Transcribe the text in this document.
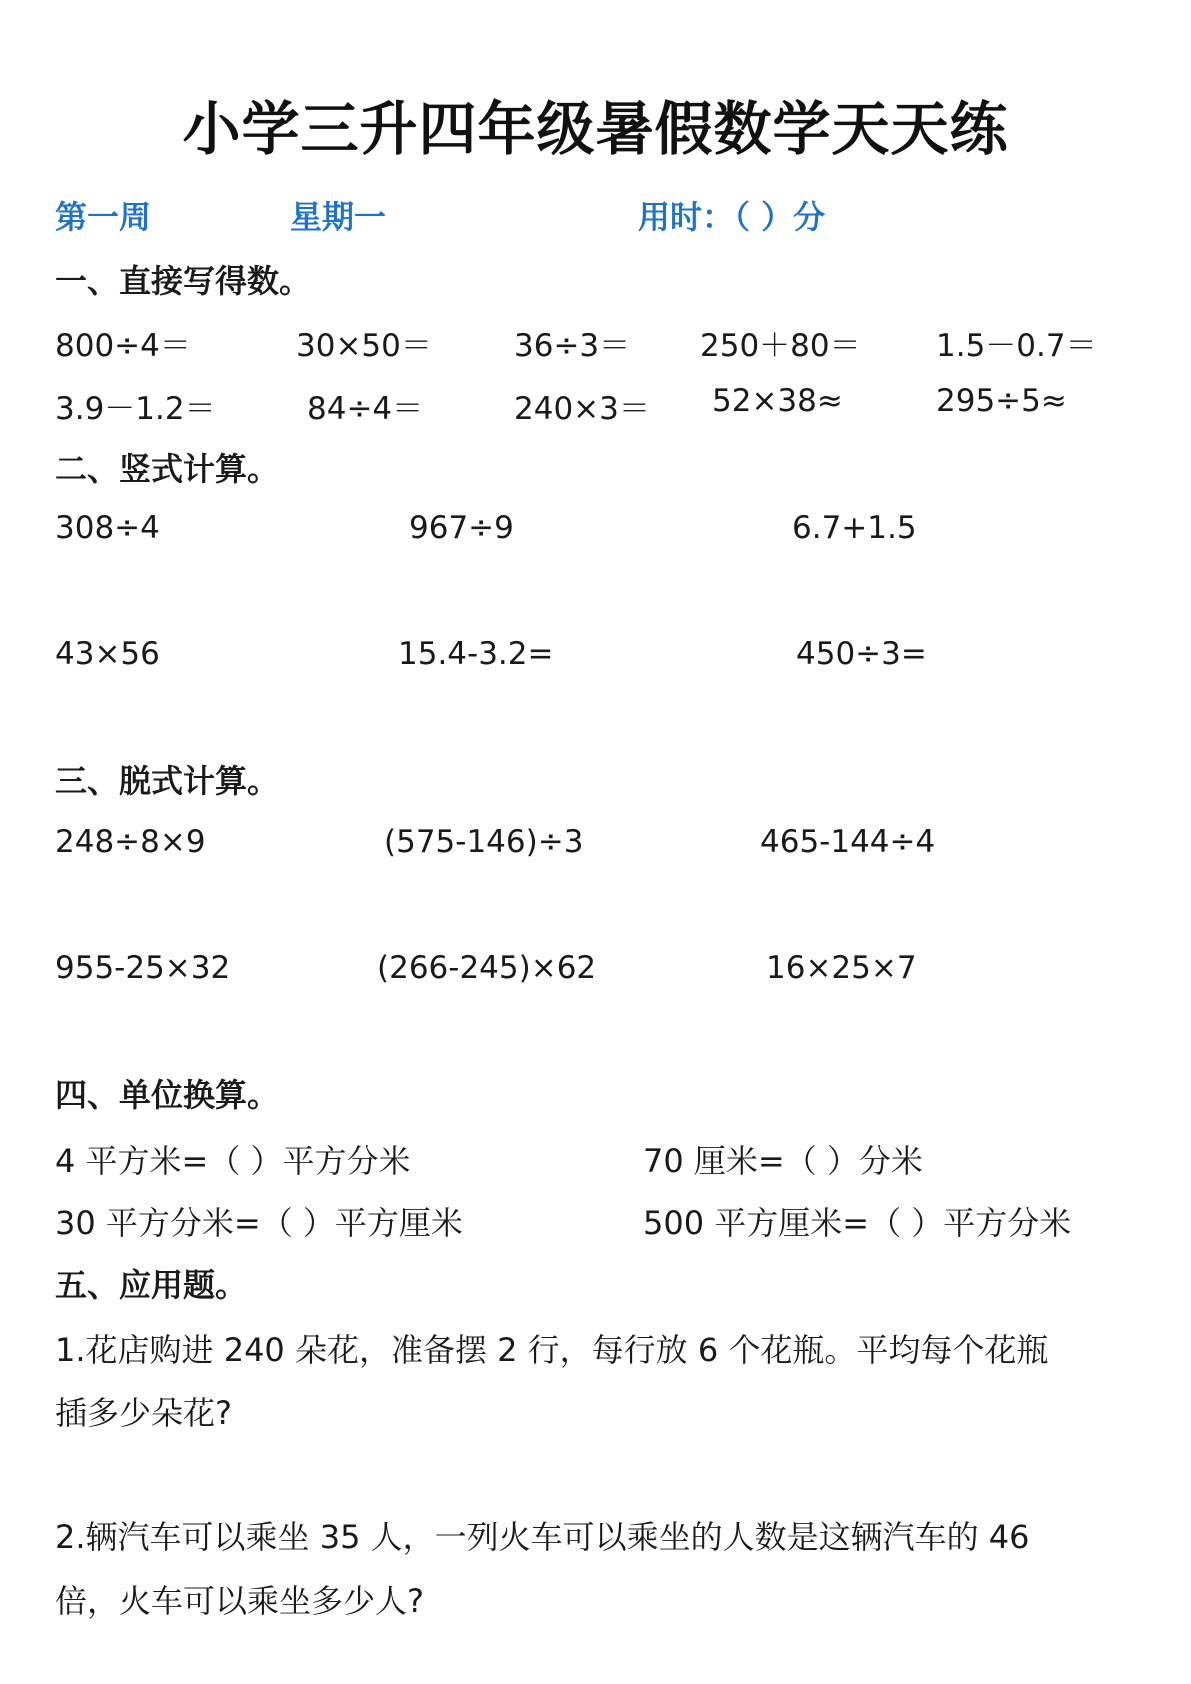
小学三升四年级暑假数学天天练
第一周	星期一	用时：（ ）分
一、直接写得数。
800÷4＝	30×50＝	36÷3＝ 250＋80＝ 1.5－0.7＝
3.9－1.2＝	84÷4＝	240×3＝ 52×38≈	295÷5≈
二、竖式计算。
308÷4	967÷9	6.7+1.5
43×56	15.4-3.2=	450÷3=
三、脱式计算。
248÷8×9	(575-146)÷3	465-144÷4
955-25×32	(266-245)×62	16×25×7
四、单位换算。
4 平方米=（ ）平方分米	70 厘米=（ ）分米
30 平方分米=（ ）平方厘米	500 平方厘米=（ ）平方分米
五、应用题。
1.花店购进 240 朵花，准备摆 2 行，每行放 6 个花瓶。平均每个花瓶
插多少朵花?
2.辆汽车可以乘坐 35 人，一列火车可以乘坐的人数是这辆汽车的 46
倍，火车可以乘坐多少人?
